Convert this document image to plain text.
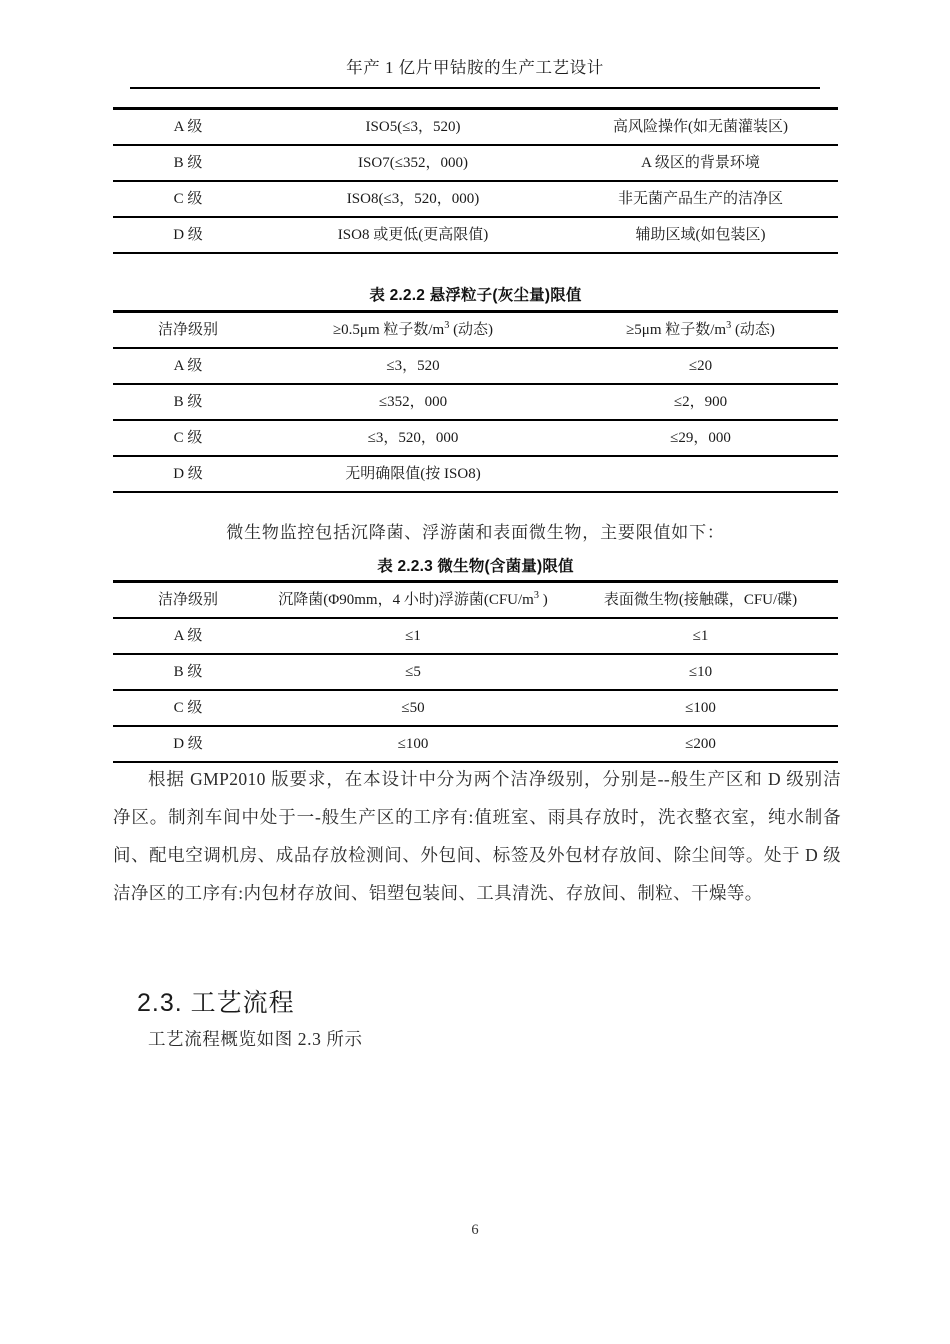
年产 1 亿片甲钴胺的生产工艺设计
A 级	ISO5(≤3，520)	高风险操作(如无菌灌装区)
B 级	ISO7(≤352，000)	A 级区的背景环境
C 级	ISO8(≤3，520，000)	非无菌产品生产的洁净区
D 级	ISO8 或更低(更高限值)	辅助区域(如包装区)

表 2.2.2 悬浮粒子(灰尘量)限值
洁净级别	≥0.5μm 粒子数$/m^3$ (动态)	≥5μm 粒子数$/m^3$ (动态)
A 级	≤3，520	≤20
B 级	≤352，000	≤2，900
C 级	≤3，520，000	≤29，000
D 级	无明确限值(按 ISO8)	

微生物监控包括沉降菌、浮游菌和表面微生物，主要限值如下：
表 2.2.3 微生物(含菌量)限值
洁净级别	沉降菌(Φ90mm，4 小时)浮游菌($CFU/m^3$ )	表面微生物(接触碟，CFU/碟)
A 级	≤1	≤1
B 级	≤5	≤10
C 级	≤50	≤100
D 级	≤100	≤200

根据 GMP2010 版要求，在本设计中分为两个洁净级别，分别是--般生产区和 D 级别洁净区。制剂车间中处于一-般生产区的工序有:值班室、雨具存放时，洗衣整衣室，纯水制备间、配电空调机房、成品存放检测间、外包间、标签及外包材存放间、除尘间等。处于 D 级洁净区的工序有:内包材存放间、铝塑包装间、工具清洗、存放间、制粒、干燥等。
2.3. 工艺流程
工艺流程概览如图 2.3 所示
6
